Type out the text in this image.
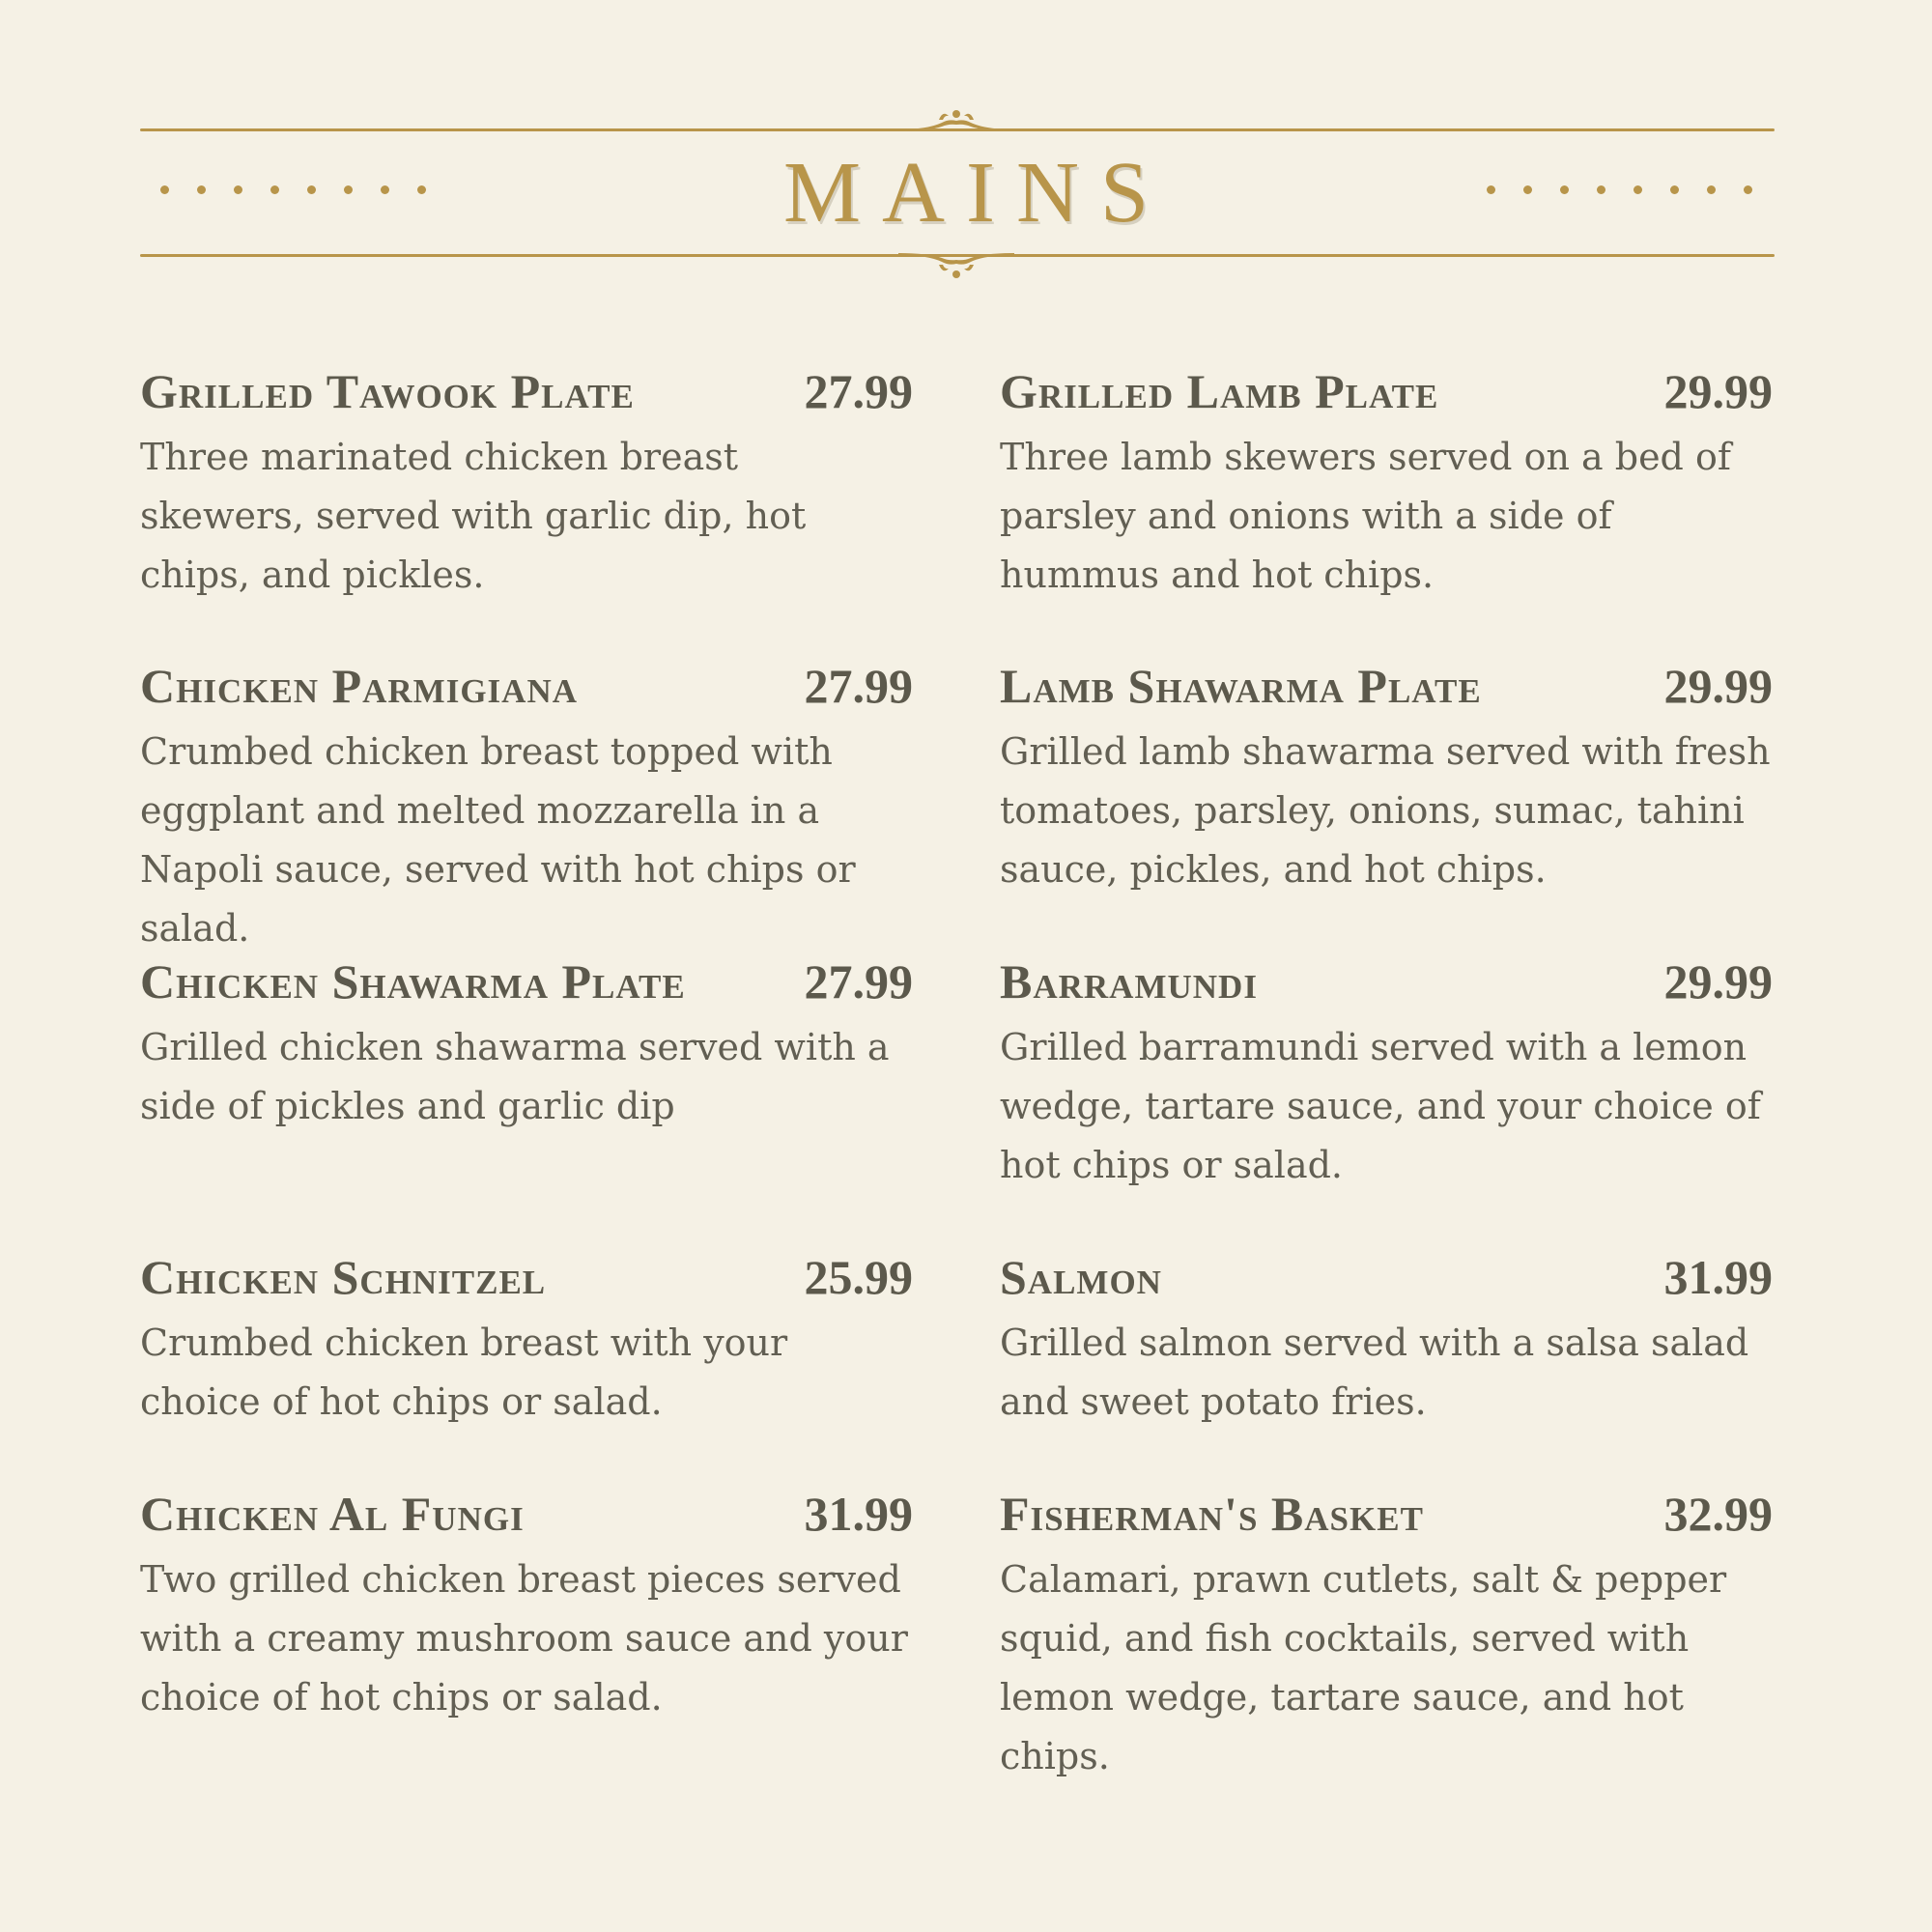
MAINS
Grilled Tawook Plate	27.99
Three marinated chicken breast skewers, served with garlic dip, hot chips, and pickles.
Chicken Parmigiana	27.99
Crumbed chicken breast topped with eggplant and melted mozzarella in a Napoli sauce, served with hot chips or salad.
Chicken Shawarma Plate 27.99
Grilled chicken shawarma served with a side of pickles and garlic dip
Chicken Schnitzel	25.99
Crumbed chicken breast with your choice of hot chips or salad.
Chicken Al Fungi	31.99
Two grilled chicken breast pieces served with a creamy mushroom sauce and your choice of hot chips or salad.
Grilled Lamb Plate	29.99
Three lamb skewers served on a bed of parsley and onions with a side of hummus and hot chips.
Lamb Shawarma Plate	29.99
Grilled lamb shawarma served with fresh tomatoes, parsley, onions, sumac, tahini sauce, pickles, and hot chips.
Barramundi	29.99
Grilled barramundi served with a lemon wedge, tartare sauce, and your choice of hot chips or salad.
Salmon	31.99
Grilled salmon served with a salsa salad and sweet potato fries.
Fisherman's Basket	32.99
Calamari, prawn cutlets, salt & pepper squid, and fish cocktails, served with lemon wedge, tartare sauce, and hot chips.
